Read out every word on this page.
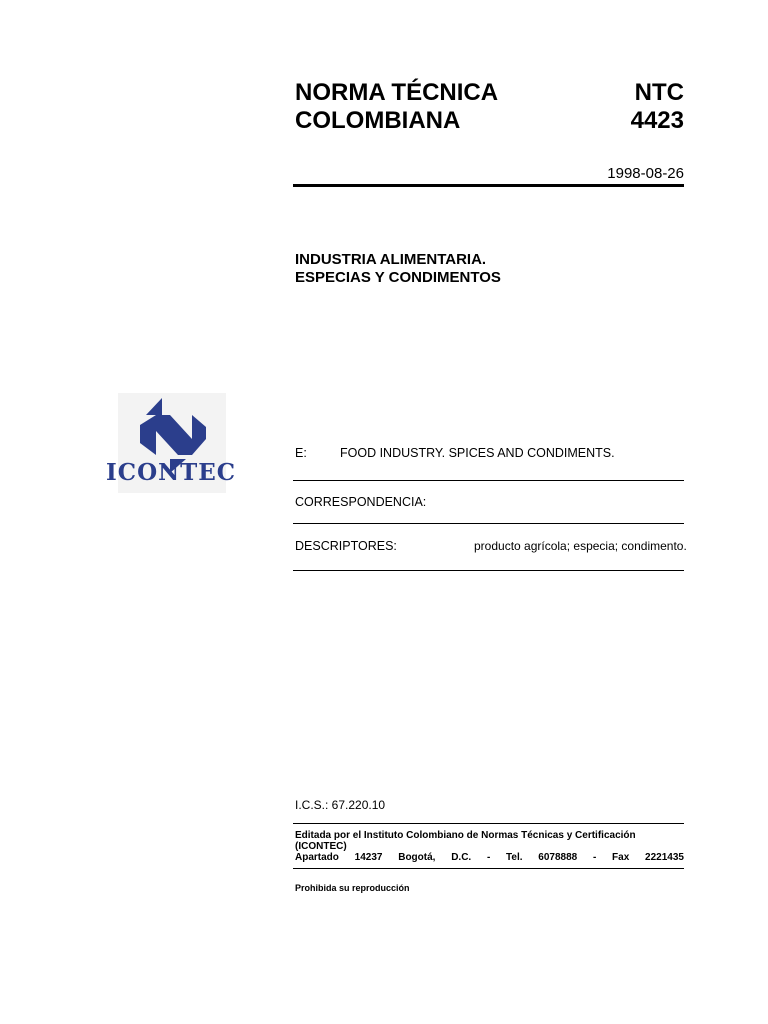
NORMA TÉCNICA
COLOMBIANA
NTC
4423
1998-08-26
INDUSTRIA ALIMENTARIA.
ESPECIAS Y CONDIMENTOS
ICONTEC
E:	FOOD INDUSTRY. SPICES AND CONDIMENTS.
CORRESPONDENCIA:
DESCRIPTORES:	producto agrícola; especia; condimento.
I.C.S.: 67.220.10
Editada por el Instituto Colombiano de Normas Técnicas y Certificación (ICONTEC)
Apartado 14237 Bogotá, D.C. - Tel. 6078888 - Fax 2221435
Prohibida su reproducción
